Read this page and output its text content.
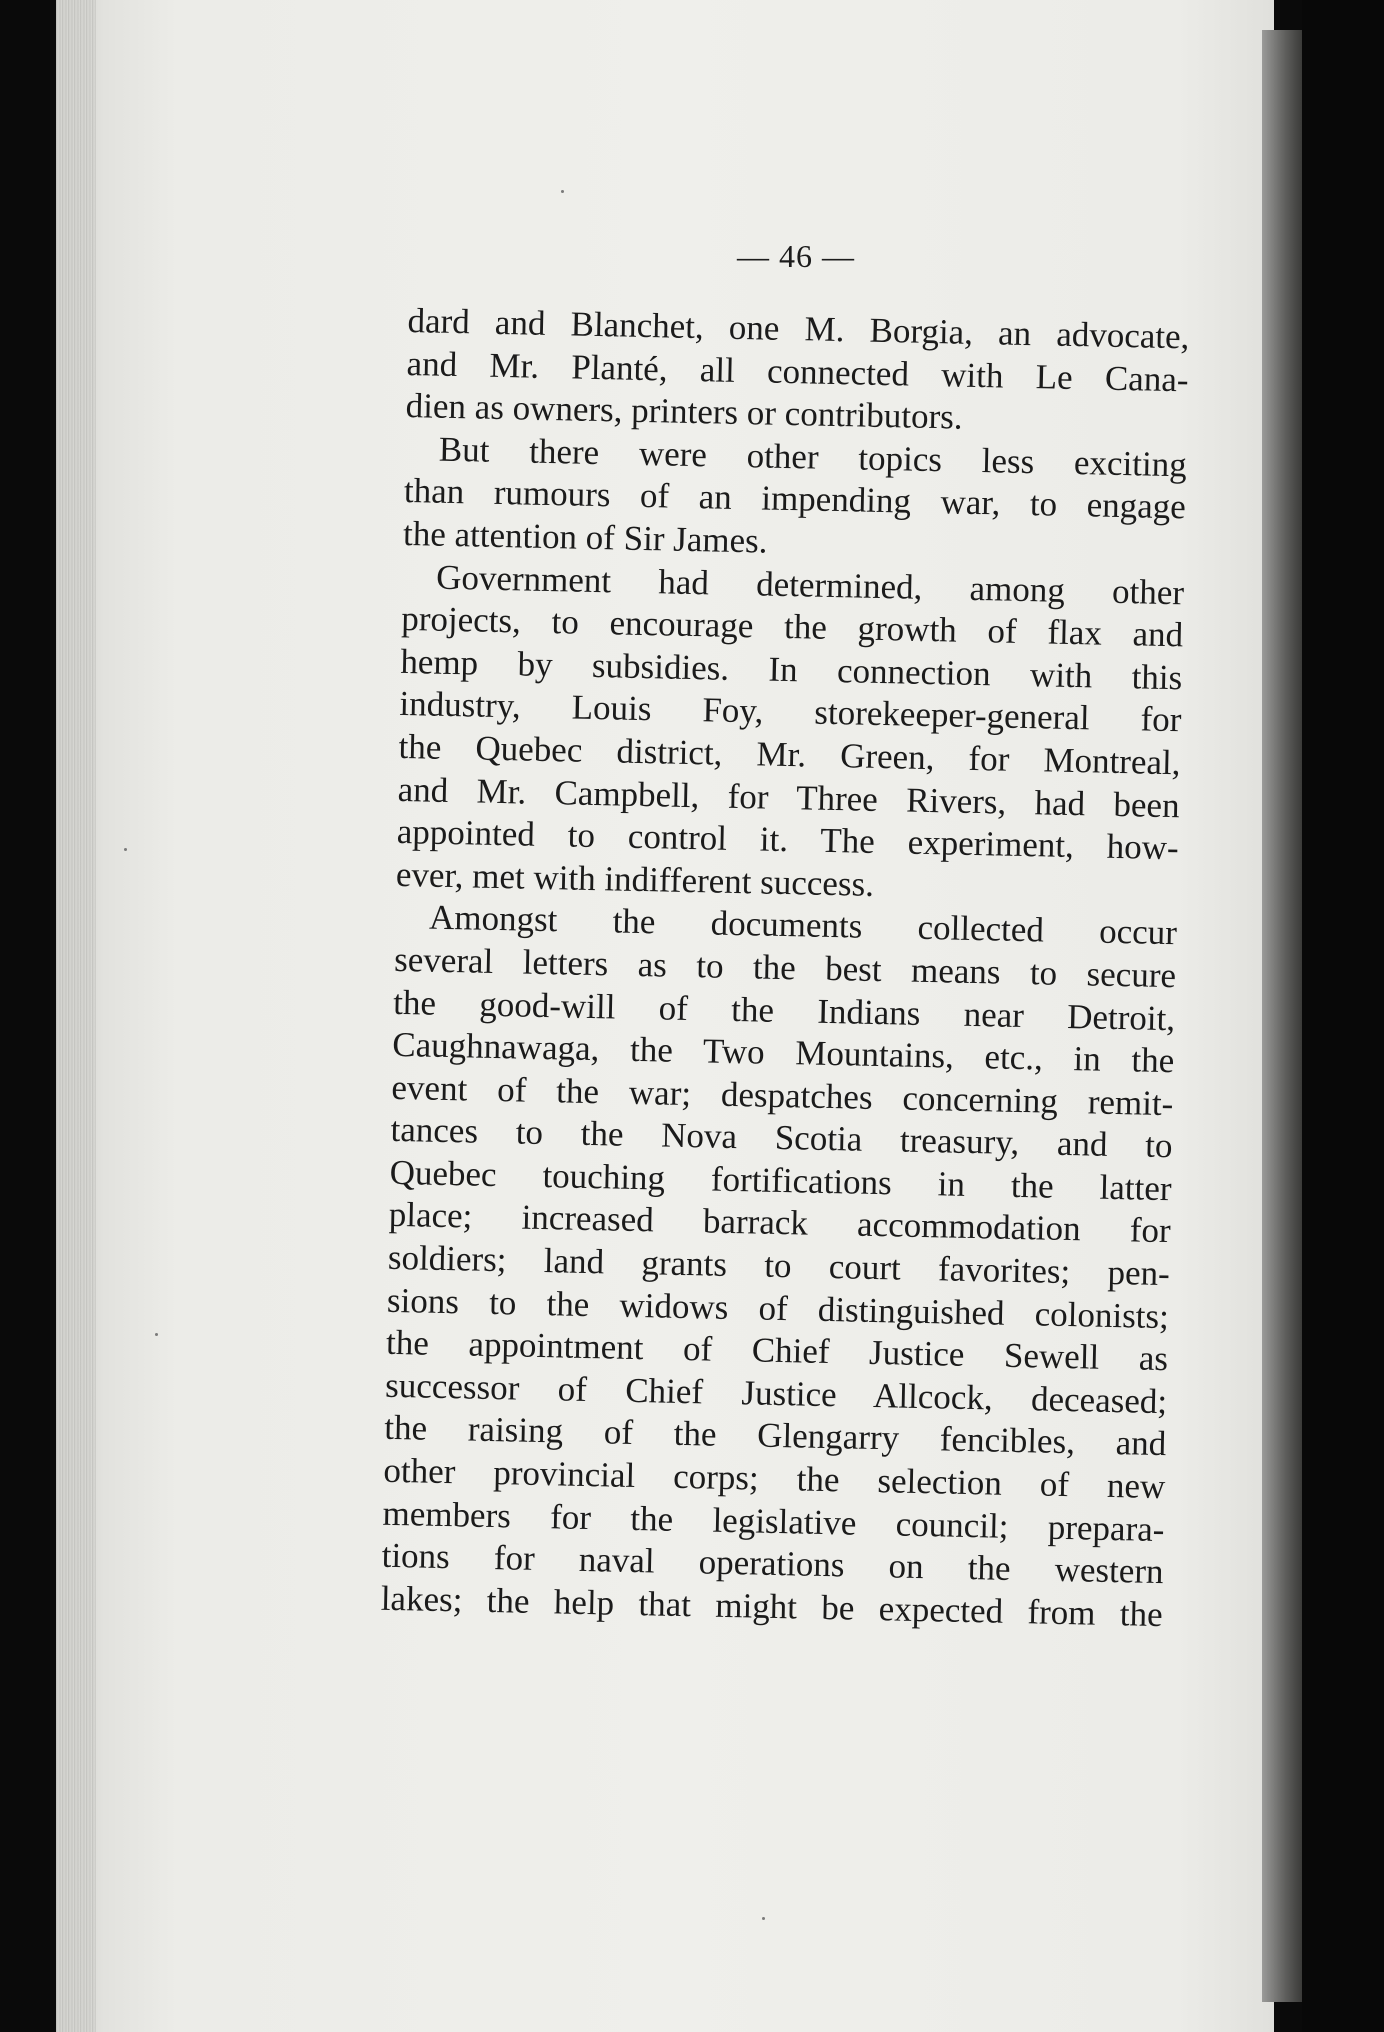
— 46 —
dard and Blanchet, one M. Borgia, an advocate,
and Mr. Planté, all connected with Le Cana-
dien as owners, printers or contributors.
But there were other topics less exciting
than rumours of an impending war, to engage
the attention of Sir James.
Government had determined, among other
projects, to encourage the growth of flax and
hemp by subsidies. In connection with this
industry, Louis Foy, storekeeper-general for
the Quebec district, Mr. Green, for Montreal,
and Mr. Campbell, for Three Rivers, had been
appointed to control it. The experiment, how-
ever, met with indifferent success.
Amongst the documents collected occur
several letters as to the best means to secure
the good-will of the Indians near Detroit,
Caughnawaga, the Two Mountains, etc., in the
event of the war; despatches concerning remit-
tances to the Nova Scotia treasury, and to
Quebec touching fortifications in the latter
place; increased barrack accommodation for
soldiers; land grants to court favorites; pen-
sions to the widows of distinguished colonists;
the appointment of Chief Justice Sewell as
successor of Chief Justice Allcock, deceased;
the raising of the Glengarry fencibles, and
other provincial corps; the selection of new
members for the legislative council; prepara-
tions for naval operations on the western
lakes; the help that might be expected from the
